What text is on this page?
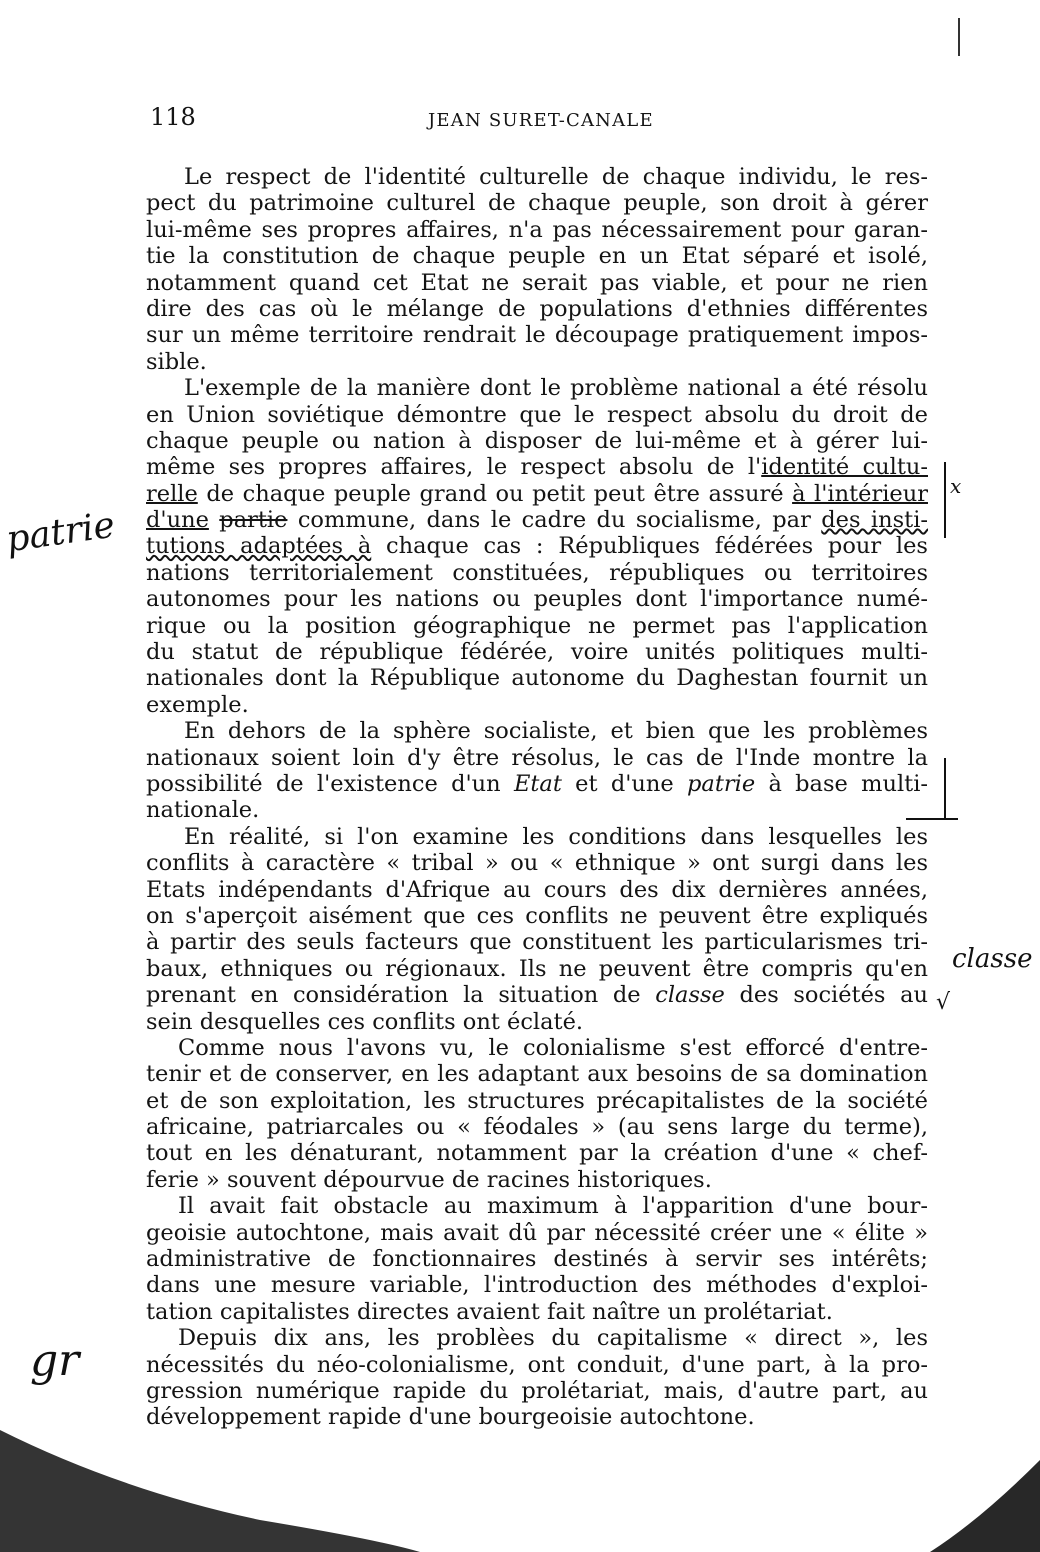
118	JEAN SURET-CANALE
Le respect de l'identité culturelle de chaque individu, le res-
pect du patrimoine culturel de chaque peuple, son droit à gérer
lui-même ses propres affaires, n'a pas nécessairement pour garan-
tie la constitution de chaque peuple en un Etat séparé et isolé,
notamment quand cet Etat ne serait pas viable, et pour ne rien
dire des cas où le mélange de populations d'ethnies différentes
sur un même territoire rendrait le découpage pratiquement impos-
sible.
L'exemple de la manière dont le problème national a été résolu
en Union soviétique démontre que le respect absolu du droit de
chaque peuple ou nation à disposer de lui-même et à gérer lui-
même ses propres affaires, le respect absolu de l'identité cultu-
relle de chaque peuple grand ou petit peut être assuré à l'intérieur
d'une partie commune, dans le cadre du socialisme, par des insti-
tutions adaptées à chaque cas : Républiques fédérées pour les
nations territorialement constituées, républiques ou territoires
autonomes pour les nations ou peuples dont l'importance numé-
rique ou la position géographique ne permet pas l'application
du statut de république fédérée, voire unités politiques multi-
nationales dont la République autonome du Daghestan fournit un
exemple.
En dehors de la sphère socialiste, et bien que les problèmes
nationaux soient loin d'y être résolus, le cas de l'Inde montre la
possibilité de l'existence d'un Etat et d'une patrie à base multi-
nationale.
En réalité, si l'on examine les conditions dans lesquelles les
conflits à caractère « tribal » ou « ethnique » ont surgi dans les
Etats indépendants d'Afrique au cours des dix dernières années,
on s'aperçoit aisément que ces conflits ne peuvent être expliqués
à partir des seuls facteurs que constituent les particularismes tri-
baux, ethniques ou régionaux. Ils ne peuvent être compris qu'en
prenant en considération la situation de classe des sociétés au
sein desquelles ces conflits ont éclaté.
Comme nous l'avons vu, le colonialisme s'est efforcé d'entre-
tenir et de conserver, en les adaptant aux besoins de sa domination
et de son exploitation, les structures précapitalistes de la société
africaine, patriarcales ou « féodales » (au sens large du terme),
tout en les dénaturant, notamment par la création d'une « chef-
ferie » souvent dépourvue de racines historiques.
Il avait fait obstacle au maximum à l'apparition d'une bour-
geoisie autochtone, mais avait dû par nécessité créer une « élite »
administrative de fonctionnaires destinés à servir ses intérêts;
dans une mesure variable, l'introduction des méthodes d'exploi-
tation capitalistes directes avaient fait naître un prolétariat.
Depuis dix ans, les problèes du capitalisme « direct », les
nécessités du néo-colonialisme, ont conduit, d'une part, à la pro-
gression numérique rapide du prolétariat, mais, d'autre part, au
développement rapide d'une bourgeoisie autochtone.
patrie
x
classe
gr
√
